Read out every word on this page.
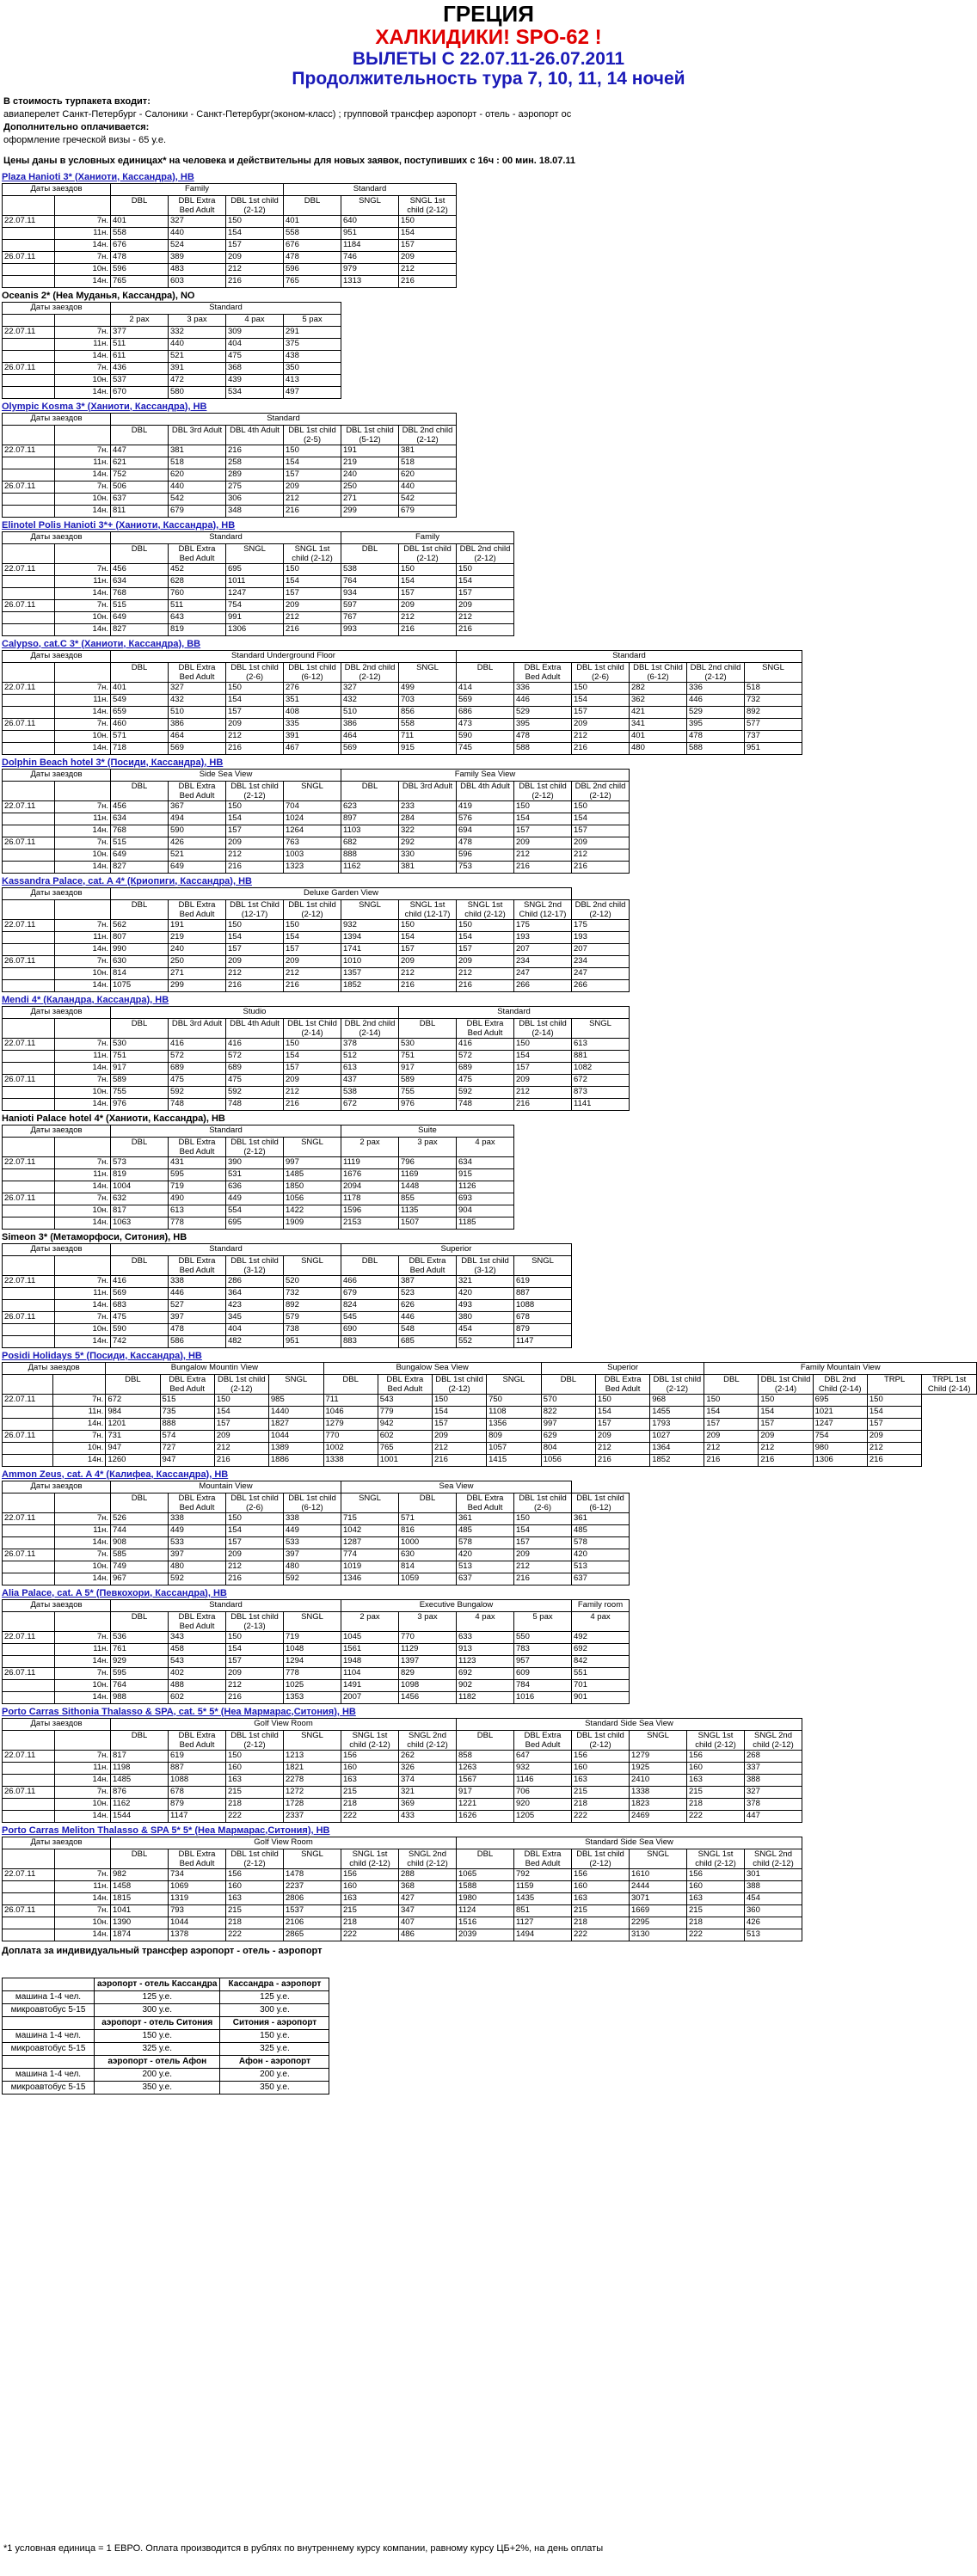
ГРЕЦИЯ
ХАЛКИДИКИ! SPO-62 !
ВЫЛЕТЫ С 22.07.11-26.07.2011
Продолжительность тура 7, 10, 11, 14 ночей
В стоимость турпакета входит:
авиаперелет Санкт-Петербург - Салоники - Санкт-Петербург(эконом-класс) ; групповой трансфер аэропорт - отель - аэропорт ос
Дополнительно оплачивается:
оформление греческой визы - 65 у.е.
Цены даны в условных единицах* на человека и действительны для новых заявок, поступивших с 16ч : 00 мин. 18.07.11
Plaza Hanioti 3* (Ханиоти, Кассандра), HB
Даты заездов		Family			Standard		
		DBL	DBL Extra Bed Adult	DBL 1st child (2-12)	DBL	SNGL	SNGL 1st child (2-12)
22.07.11	7н.	401	327	150	401	640	150
	11н.	558	440	154	558	951	154
	14н.	676	524	157	676	1184	157
26.07.11	7н.	478	389	209	478	746	209
	10н.	596	483	212	596	979	212
	14н.	765	603	216	765	1313	216
Oceanis 2* (Неа Муданья, Кассандра), NO
Даты заездов		Standard			
		2 pax	3 pax	4 pax	5 pax
22.07.11	7н.	377	332	309	291
	11н.	511	440	404	375
	14н.	611	521	475	438
26.07.11	7н.	436	391	368	350
	10н.	537	472	439	413
	14н.	670	580	534	497
Olympic Kosma 3* (Ханиоти, Кассандра), HB
Даты заездов		Standard					
		DBL	DBL 3rd Adult	DBL 4th Adult	DBL 1st child (2-5)	DBL 1st child (5-12)	DBL 2nd child (2-12)
22.07.11	7н.	447	381	216	150	191	381
	11н.	621	518	258	154	219	518
	14н.	752	620	289	157	240	620
26.07.11	7н.	506	440	275	209	250	440
	10н.	637	542	306	212	271	542
	14н.	811	679	348	216	299	679
Elinotel Polis Hanioti 3*+ (Ханиоти, Кассандра), HB
Даты заездов		Standard				Family		
		DBL	DBL Extra Bed Adult	SNGL	SNGL 1st child (2-12)	DBL	DBL 1st child (2-12)	DBL 2nd child (2-12)
22.07.11	7н.	456	452	695	150	538	150	150
	11н.	634	628	1011	154	764	154	154
	14н.	768	760	1247	157	934	157	157
26.07.11	7н.	515	511	754	209	597	209	209
	10н.	649	643	991	212	767	212	212
	14н.	827	819	1306	216	993	216	216
Calypso, cat.C 3* (Ханиоти, Кассандра), BB
Даты заездов		Standard Underground Floor						Standard					
		DBL	DBL Extra Bed Adult	DBL 1st child (2-6)	DBL 1st child (6-12)	DBL 2nd child (2-12)	SNGL	DBL	DBL Extra Bed Adult	DBL 1st child (2-6)	DBL 1st Child (6-12)	DBL 2nd child (2-12)	SNGL
22.07.11	7н.	401	327	150	276	327	499	414	336	150	282	336	518
	11н.	549	432	154	351	432	703	569	446	154	362	446	732
	14н.	659	510	157	408	510	856	686	529	157	421	529	892
26.07.11	7н.	460	386	209	335	386	558	473	395	209	341	395	577
	10н.	571	464	212	391	464	711	590	478	212	401	478	737
	14н.	718	569	216	467	569	915	745	588	216	480	588	951
Dolphin Beach hotel 3* (Посиди, Кассандра), HB
Даты заездов		Side Sea View				Family Sea View				
		DBL	DBL Extra Bed Adult	DBL 1st child (2-12)	SNGL	DBL	DBL 3rd Adult	DBL 4th Adult	DBL 1st child (2-12)	DBL 2nd child (2-12)
22.07.11	7н.	456	367	150	704	623	233	419	150	150
	11н.	634	494	154	1024	897	284	576	154	154
	14н.	768	590	157	1264	1103	322	694	157	157
26.07.11	7н.	515	426	209	763	682	292	478	209	209
	10н.	649	521	212	1003	888	330	596	212	212
	14н.	827	649	216	1323	1162	381	753	216	216
Kassandra Palace, cat. A 4* (Криопиги, Кассандра), HB
Даты заездов		Deluxe Garden View								
		DBL	DBL Extra Bed Adult	DBL 1st Child (12-17)	DBL 1st child (2-12)	SNGL	SNGL 1st child (12-17)	SNGL 1st child (2-12)	SNGL 2nd Child (12-17)	DBL 2nd child (2-12)
22.07.11	7н.	562	191	150	150	932	150	150	175	175
	11н.	807	219	154	154	1394	154	154	193	193
	14н.	990	240	157	157	1741	157	157	207	207
26.07.11	7н.	630	250	209	209	1010	209	209	234	234
	10н.	814	271	212	212	1357	212	212	247	247
	14н.	1075	299	216	216	1852	216	216	266	266
Mendi 4* (Каландра, Кассандра), HB
Даты заездов		Studio					Standard			
		DBL	DBL 3rd Adult	DBL 4th Adult	DBL 1st Child (2-14)	DBL 2nd child (2-14)	DBL	DBL Extra Bed Adult	DBL 1st child (2-14)	SNGL
22.07.11	7н.	530	416	416	150	378	530	416	150	613
	11н.	751	572	572	154	512	751	572	154	881
	14н.	917	689	689	157	613	917	689	157	1082
26.07.11	7н.	589	475	475	209	437	589	475	209	672
	10н.	755	592	592	212	538	755	592	212	873
	14н.	976	748	748	216	672	976	748	216	1141
Hanioti Palace hotel 4* (Ханиоти, Кассандра), HB
Даты заездов		Standard				Suite		
		DBL	DBL Extra Bed Adult	DBL 1st child (2-12)	SNGL	2 pax	3 pax	4 pax
22.07.11	7н.	573	431	390	997	1119	796	634
	11н.	819	595	531	1485	1676	1169	915
	14н.	1004	719	636	1850	2094	1448	1126
26.07.11	7н.	632	490	449	1056	1178	855	693
	10н.	817	613	554	1422	1596	1135	904
	14н.	1063	778	695	1909	2153	1507	1185
Simeon 3* (Метаморфоси, Ситония), HB
Даты заездов		Standard				Superior			
		DBL	DBL Extra Bed Adult	DBL 1st child (3-12)	SNGL	DBL	DBL Extra Bed Adult	DBL 1st child (3-12)	SNGL
22.07.11	7н.	416	338	286	520	466	387	321	619
	11н.	569	446	364	732	679	523	420	887
	14н.	683	527	423	892	824	626	493	1088
26.07.11	7н.	475	397	345	579	545	446	380	678
	10н.	590	478	404	738	690	548	454	879
	14н.	742	586	482	951	883	685	552	1147
Posidi Holidays 5* (Посиди, Кассандра), HB
Даты заездов		Bungalow Mountin View				Bungalow Sea View				Superior			Family Mountain View				
		DBL	DBL Extra Bed Adult	DBL 1st child (2-12)	SNGL	DBL	DBL Extra Bed Adult	DBL 1st child (2-12)	SNGL	DBL	DBL Extra Bed Adult	DBL 1st child (2-12)	DBL	DBL 1st Child (2-14)	DBL 2nd Child (2-14)	TRPL	TRPL 1st Child (2-14)
22.07.11	7н.	672	515	150	985	711	543	150	750	570	150	968	150	150	695	150	
	11н.	984	735	154	1440	1046	779	154	1108	822	154	1455	154	154	1021	154	
	14н.	1201	888	157	1827	1279	942	157	1356	997	157	1793	157	157	1247	157	
26.07.11	7н.	731	574	209	1044	770	602	209	809	629	209	1027	209	209	754	209	
	10н.	947	727	212	1389	1002	765	212	1057	804	212	1364	212	212	980	212	
	14н.	1260	947	216	1886	1338	1001	216	1415	1056	216	1852	216	216	1306	216	
Ammon Zeus, cat. A 4* (Калифеа, Кассандра), HB
Даты заездов		Mountain View				Sea View				
		DBL	DBL Extra Bed Adult	DBL 1st child (2-6)	DBL 1st child (6-12)	SNGL	DBL	DBL Extra Bed Adult	DBL 1st child (2-6)	DBL 1st child (6-12)
22.07.11	7н.	526	338	150	338	715	571	361	150	361
	11н.	744	449	154	449	1042	816	485	154	485
	14н.	908	533	157	533	1287	1000	578	157	578
26.07.11	7н.	585	397	209	397	774	630	420	209	420
	10н.	749	480	212	480	1019	814	513	212	513
	14н.	967	592	216	592	1346	1059	637	216	637
Alia Palace, cat. A 5* (Певкохори, Кассандра), HB
Даты заездов		Standard				Executive Bungalow				Family room
		DBL	DBL Extra Bed Adult	DBL 1st child (2-13)	SNGL	2 pax	3 pax	4 pax	5 pax	4 pax
22.07.11	7н.	536	343	150	719	1045	770	633	550	492
	11н.	761	458	154	1048	1561	1129	913	783	692
	14н.	929	543	157	1294	1948	1397	1123	957	842
26.07.11	7н.	595	402	209	778	1104	829	692	609	551
	10н.	764	488	212	1025	1491	1098	902	784	701
	14н.	988	602	216	1353	2007	1456	1182	1016	901
Porto Carras Sithonia Thalasso & SPA, cat. 5* 5* (Неа Мармарас,Ситония), HB
Даты заездов		Golf View Room						Standard Side Sea View					
		DBL	DBL Extra Bed Adult	DBL 1st child (2-12)	SNGL	SNGL 1st child (2-12)	SNGL 2nd child (2-12)	DBL	DBL Extra Bed Adult	DBL 1st child (2-12)	SNGL	SNGL 1st child (2-12)	SNGL 2nd child (2-12)
22.07.11	7н.	817	619	150	1213	156	262	858	647	156	1279	156	268
	11н.	1198	887	160	1821	160	326	1263	932	160	1925	160	337
	14н.	1485	1088	163	2278	163	374	1567	1146	163	2410	163	388
26.07.11	7н.	876	678	215	1272	215	321	917	706	215	1338	215	327
	10н.	1162	879	218	1728	218	369	1221	920	218	1823	218	378
	14н.	1544	1147	222	2337	222	433	1626	1205	222	2469	222	447
Porto Carras Meliton Thalasso & SPA 5* 5* (Неа Мармарас,Ситония), HB
Даты заездов		Golf View Room						Standard Side Sea View					
		DBL	DBL Extra Bed Adult	DBL 1st child (2-12)	SNGL	SNGL 1st child (2-12)	SNGL 2nd child (2-12)	DBL	DBL Extra Bed Adult	DBL 1st child (2-12)	SNGL	SNGL 1st child (2-12)	SNGL 2nd child (2-12)
22.07.11	7н.	982	734	156	1478	156	288	1065	792	156	1610	156	301
	11н.	1458	1069	160	2237	160	368	1588	1159	160	2444	160	388
	14н.	1815	1319	163	2806	163	427	1980	1435	163	3071	163	454
26.07.11	7н.	1041	793	215	1537	215	347	1124	851	215	1669	215	360
	10н.	1390	1044	218	2106	218	407	1516	1127	218	2295	218	426
	14н.	1874	1378	222	2865	222	486	2039	1494	222	3130	222	513
Доплата за индивидуальный трансфер аэропорт - отель - аэропорт
	аэропорт - отель Кассандра	Кассандра - аэропорт
машина 1-4 чел.	125 у.е.	125 у.е.
микроавтобус 5-15	300 у.е.	300 у.е.
	аэропорт - отель Ситония	Ситония - аэропорт
машина 1-4 чел.	150 у.е.	150 у.е.
микроавтобус 5-15	325 у.е.	325 у.е.
	аэропорт - отель Афон	Афон - аэропорт
машина 1-4 чел.	200 у.е.	200 у.е.
микроавтобус 5-15	350 у.е.	350 у.е.
*1 условная единица = 1 ЕВРО. Оплата производится в рублях по внутреннему курсу компании, равному курсу ЦБ+2%, на день оплаты
